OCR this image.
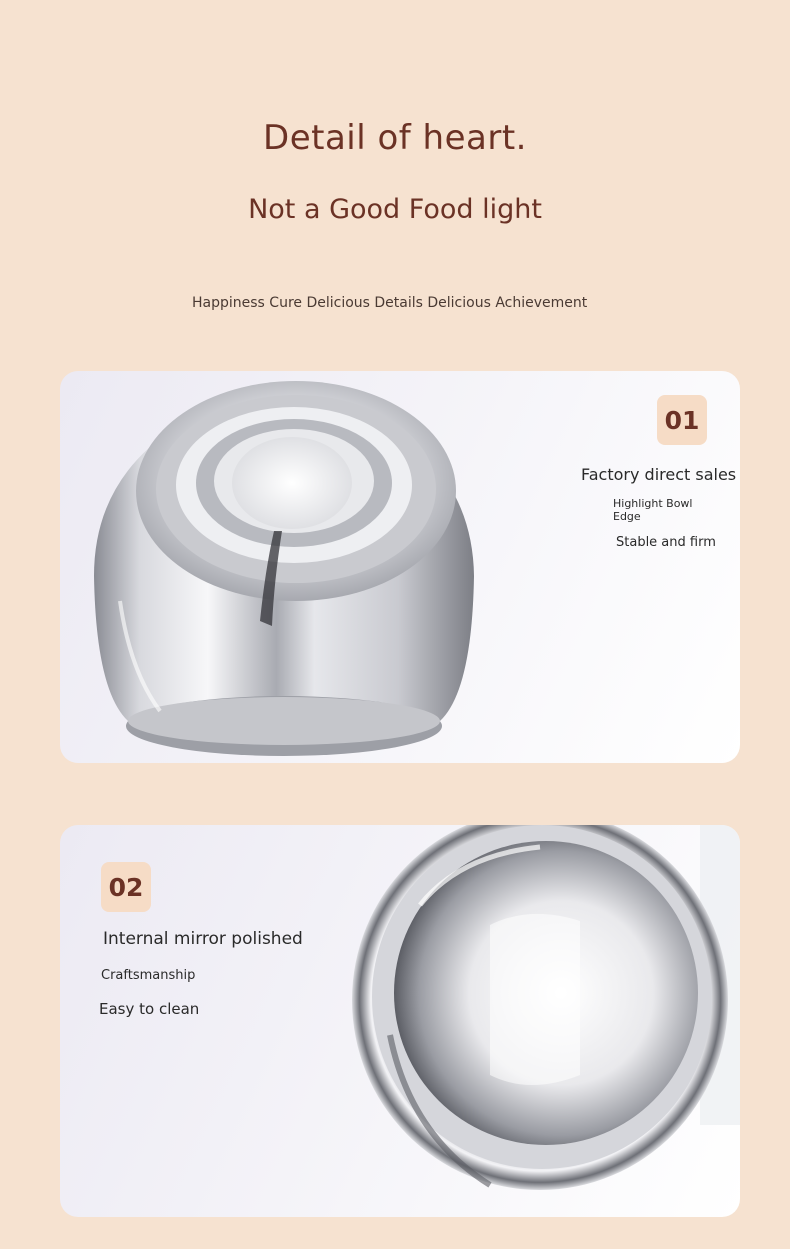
Detail of heart.
Not a Good Food light
Happiness Cure Delicious Details Delicious Achievement
01
Factory direct sales
Highlight Bowl
Edge
Stable and firm
02
Internal mirror polished
Craftsmanship
Easy to clean
